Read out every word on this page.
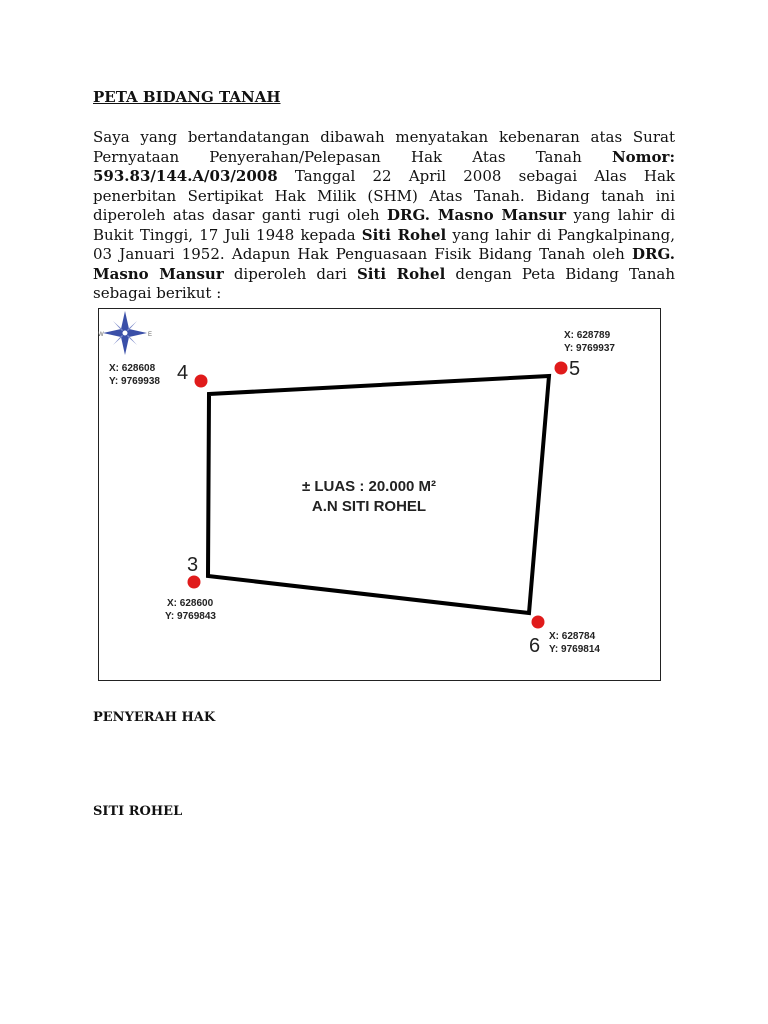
PETA BIDANG TANAH

Saya yang bertandatangan dibawah menyatakan kebenaran atas Surat Pernyataan Penyerahan/Pelepasan Hak Atas Tanah Nomor: 593.83/144.A/03/2008 Tanggal 22 April 2008 sebagai Alas Hak penerbitan Sertipikat Hak Milik (SHM) Atas Tanah. Bidang tanah ini diperoleh atas dasar ganti rugi oleh DRG. Masno Mansur yang lahir di Bukit Tinggi, 17 Juli 1948 kepada Siti Rohel yang lahir di Pangkalpinang, 03 Januari 1952. Adapun Hak Penguasaan Fisik Bidang Tanah oleh DRG. Masno Mansur diperoleh dari Siti Rohel dengan Peta Bidang Tanah sebagai berikut :

W	E
± LUAS : 20.000 M²
A.N SITI ROHEL
4
X: 628608
Y: 9769938
5
X: 628789
Y: 9769937
3
X: 628600
Y: 9769843
6 X: 628784
Y: 9769814

PENYERAH HAK

SITI ROHEL
